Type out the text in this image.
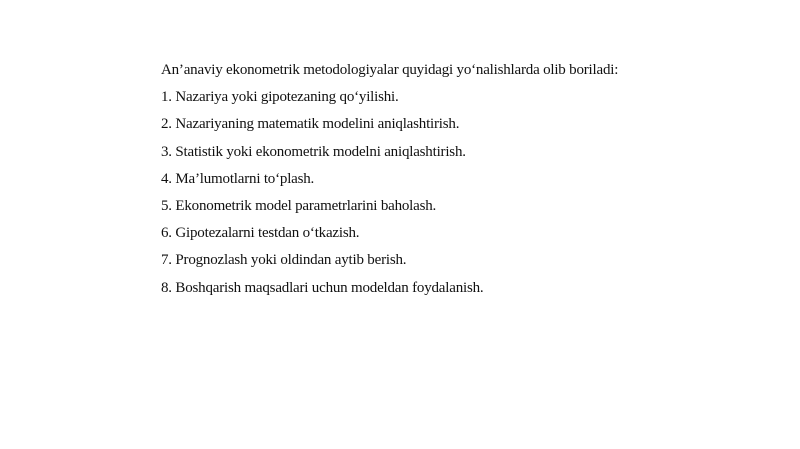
An’anaviy ekonometrik metodologiyalar quyidagi yo‘nalishlarda olib boriladi:

1. Nazariya yoki gipotezaning qo‘yilishi.
2. Nazariyaning matematik modelini aniqlashtirish.
3. Statistik yoki ekonometrik modelni aniqlashtirish.
4. Ma’lumotlarni to‘plash.
5. Ekonometrik model parametrlarini baholash.
6. Gipotezalarni testdan o‘tkazish.
7. Prognozlash yoki oldindan aytib berish.
8. Boshqarish maqsadlari uchun modeldan foydalanish.
